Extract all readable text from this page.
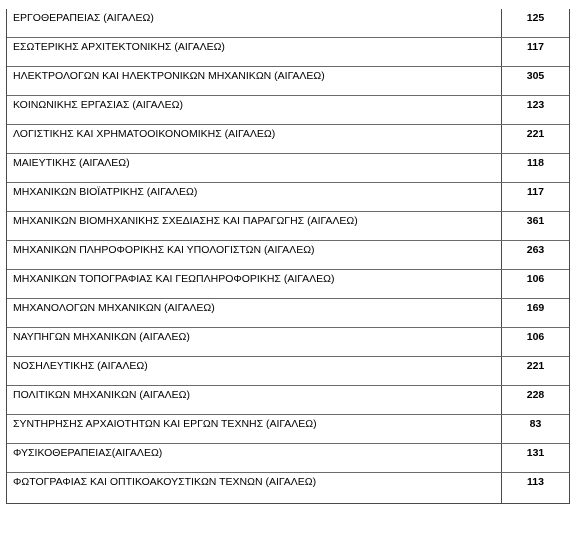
ΕΡΓΟΘΕΡΑΠΕΙΑΣ (ΑΙΓΑΛΕΩ)	125
ΕΣΩΤΕΡΙΚΗΣ ΑΡΧΙΤΕΚΤΟΝΙΚΗΣ (ΑΙΓΑΛΕΩ)	117
ΗΛΕΚΤΡΟΛΟΓΩΝ ΚΑΙ ΗΛΕΚΤΡΟΝΙΚΩΝ ΜΗΧΑΝΙΚΩΝ (ΑΙΓΑΛΕΩ)	305
ΚΟΙΝΩΝΙΚΗΣ ΕΡΓΑΣΙΑΣ (ΑΙΓΑΛΕΩ)	123
ΛΟΓΙΣΤΙΚΗΣ ΚΑΙ ΧΡΗΜΑΤΟΟΙΚΟΝΟΜΙΚΗΣ (ΑΙΓΑΛΕΩ)	221
ΜΑΙΕΥΤΙΚΗΣ (ΑΙΓΑΛΕΩ)	118
ΜΗΧΑΝΙΚΩΝ ΒΙΟΪΑΤΡΙΚΗΣ (ΑΙΓΑΛΕΩ)	117
ΜΗΧΑΝΙΚΩΝ ΒΙΟΜΗΧΑΝΙΚΗΣ ΣΧΕΔΙΑΣΗΣ ΚΑΙ ΠΑΡΑΓΩΓΗΣ (ΑΙΓΑΛΕΩ)	361
ΜΗΧΑΝΙΚΩΝ ΠΛΗΡΟΦΟΡΙΚΗΣ ΚΑΙ ΥΠΟΛΟΓΙΣΤΩΝ (ΑΙΓΑΛΕΩ)	263
ΜΗΧΑΝΙΚΩΝ ΤΟΠΟΓΡΑΦΙΑΣ ΚΑΙ ΓΕΩΠΛΗΡΟΦΟΡΙΚΗΣ (ΑΙΓΑΛΕΩ)	106
ΜΗΧΑΝΟΛΟΓΩΝ ΜΗΧΑΝΙΚΩΝ (ΑΙΓΑΛΕΩ)	169
ΝΑΥΠΗΓΩΝ ΜΗΧΑΝΙΚΩΝ (ΑΙΓΑΛΕΩ)	106
ΝΟΣΗΛΕΥΤΙΚΗΣ (ΑΙΓΑΛΕΩ)	221
ΠΟΛΙΤΙΚΩΝ ΜΗΧΑΝΙΚΩΝ (ΑΙΓΑΛΕΩ)	228
ΣΥΝΤΗΡΗΣΗΣ ΑΡΧΑΙΟΤΗΤΩΝ ΚΑΙ ΕΡΓΩΝ ΤΕΧΝΗΣ (ΑΙΓΑΛΕΩ)	83
ΦΥΣΙΚΟΘΕΡΑΠΕΙΑΣ(ΑΙΓΑΛΕΩ)	131
ΦΩΤΟΓΡΑΦΙΑΣ ΚΑΙ ΟΠΤΙΚΟΑΚΟΥΣΤΙΚΩΝ ΤΕΧΝΩΝ (ΑΙΓΑΛΕΩ)	113
